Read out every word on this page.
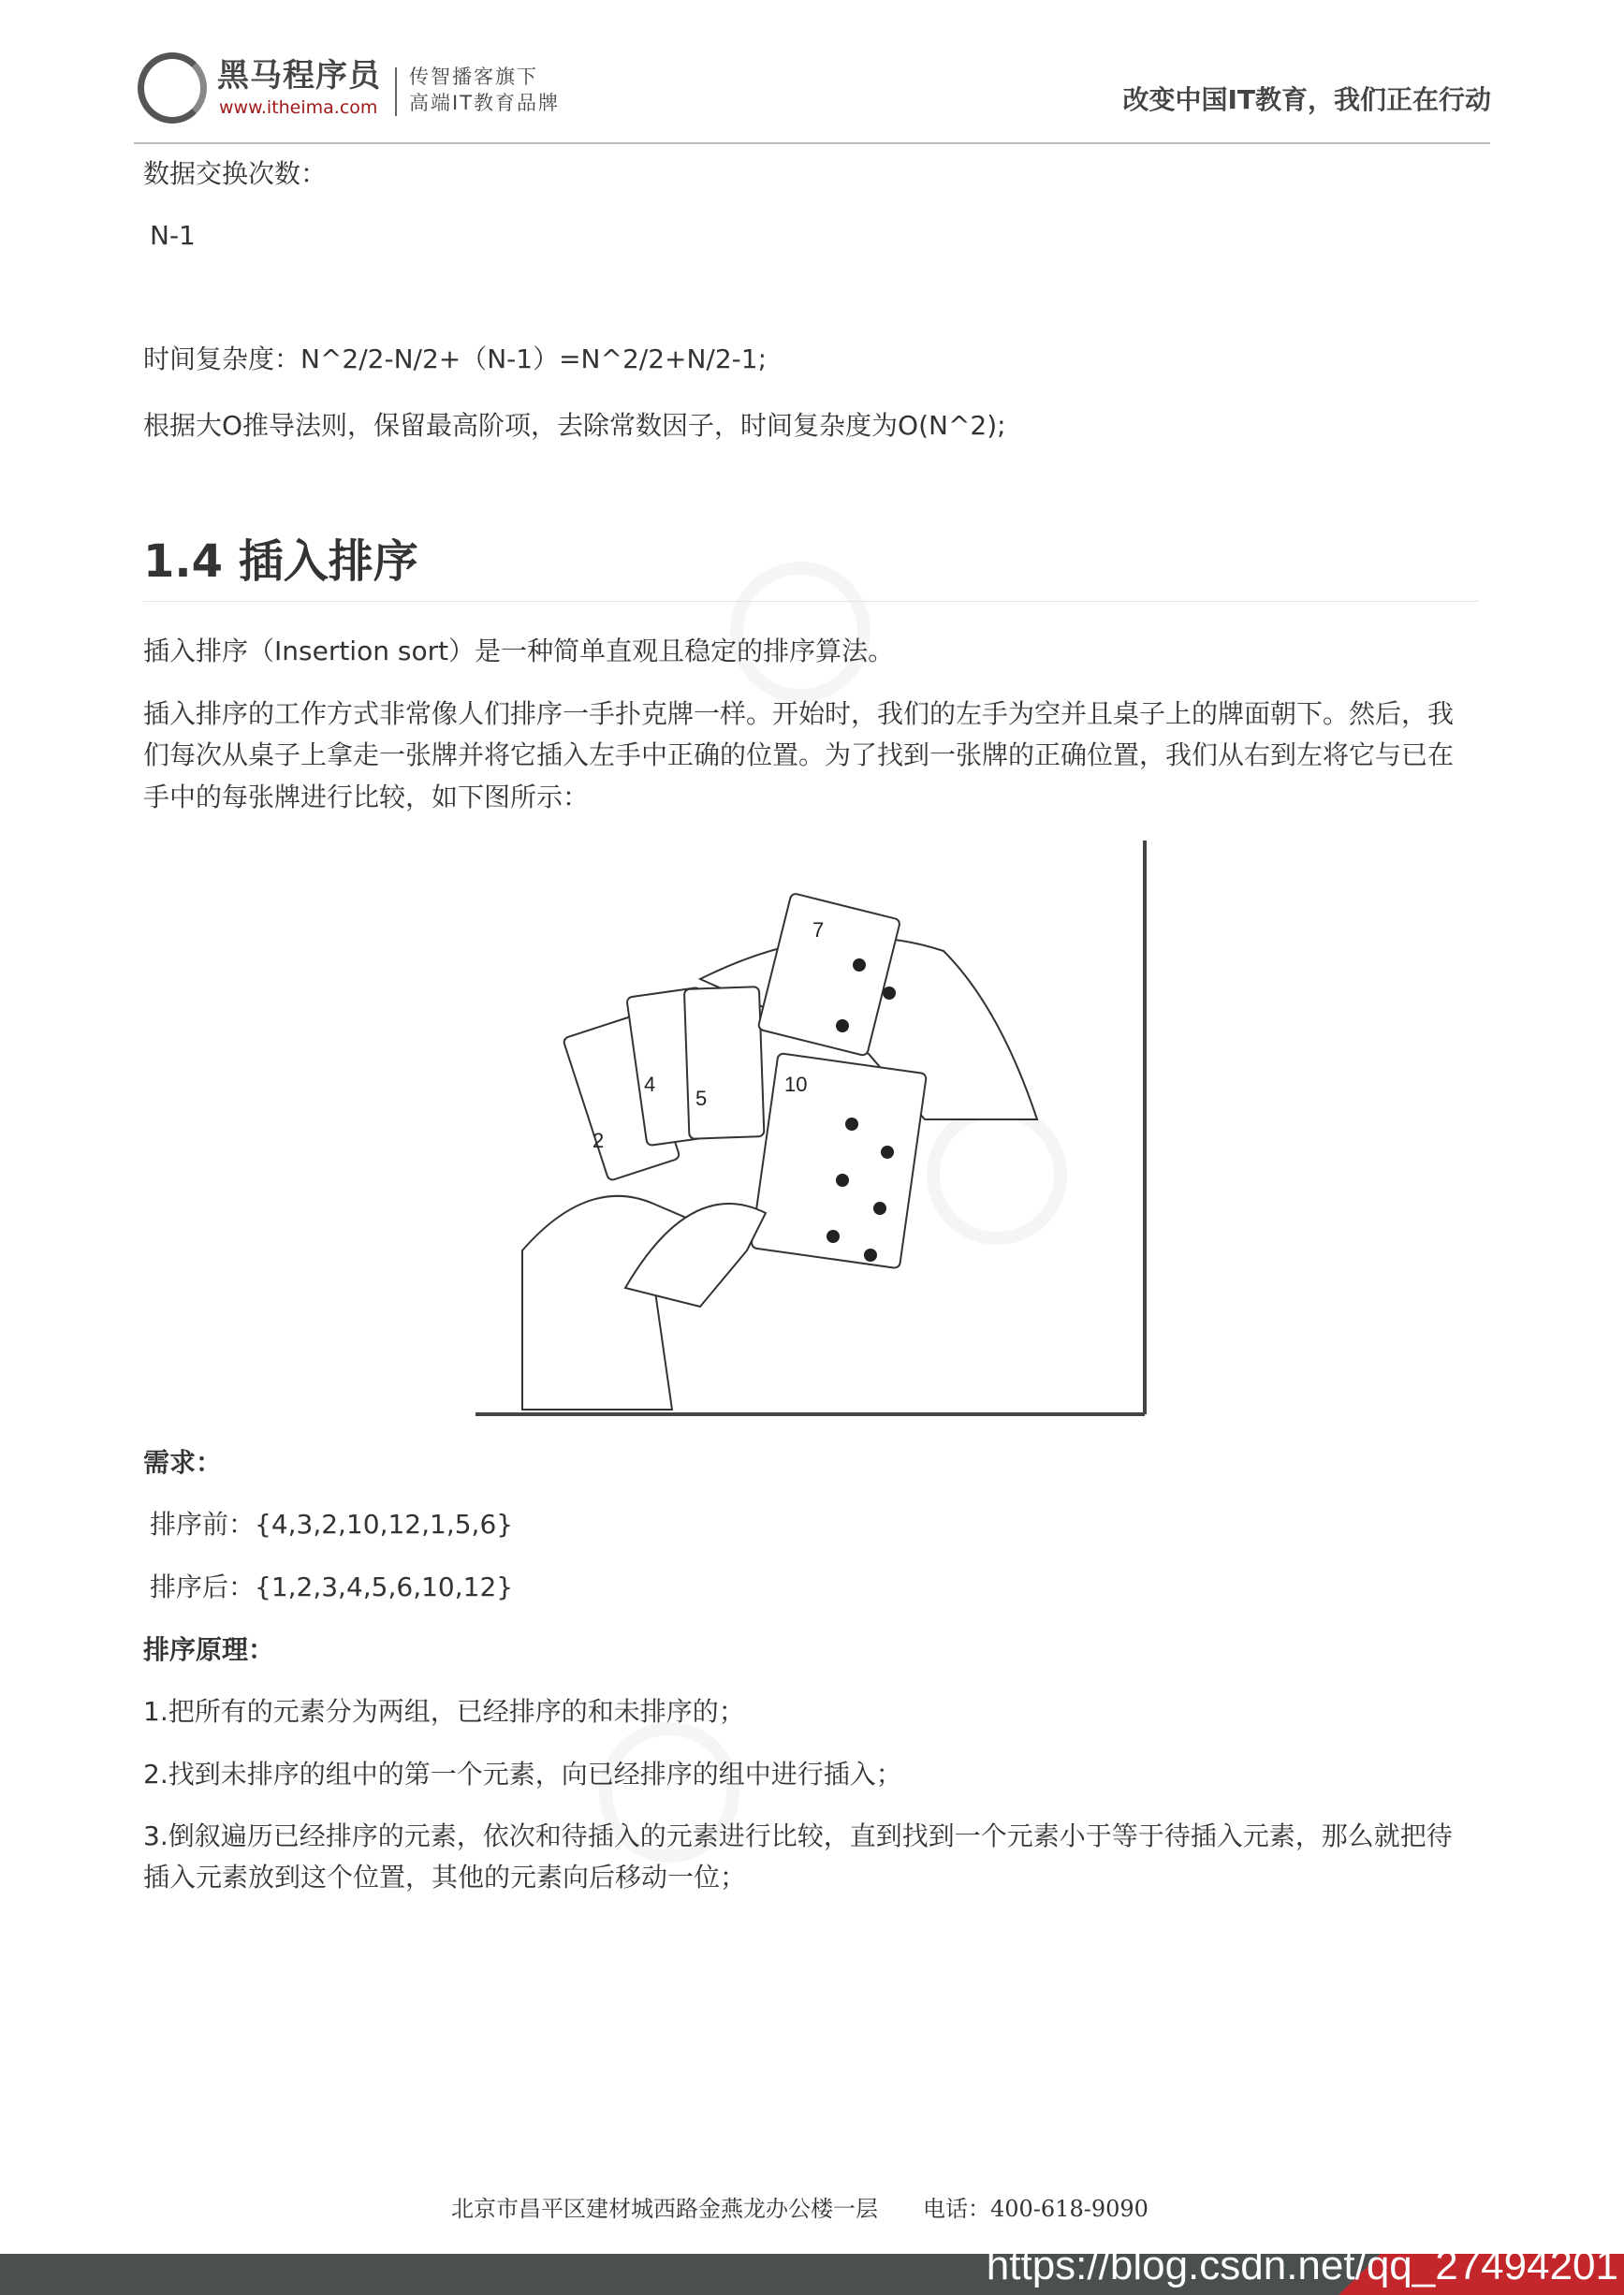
黑马程序员
www.itheima.com
传智播客旗下
高端IT教育品牌	改变中国IT教育，我们正在行动
数据交换次数：
N-1
时间复杂度：N^2/2-N/2+（N-1）=N^2/2+N/2-1;
根据大O推导法则，保留最高阶项，去除常数因子，时间复杂度为O(N^2);
1.4 插入排序
插入排序（Insertion sort）是一种简单直观且稳定的排序算法。
插入排序的工作方式非常像人们排序一手扑克牌一样。开始时，我们的左手为空并且桌子上的牌面朝下。然后，我
们每次从桌子上拿走一张牌并将它插入左手中正确的位置。为了找到一张牌的正确位置，我们从右到左将它与已在
手中的每张牌进行比较，如下图所示：
2
4
5
10
7
需求：
排序前：{4,3,2,10,12,1,5,6}
排序后：{1,2,3,4,5,6,10,12}
排序原理：
1.把所有的元素分为两组，已经排序的和未排序的；
2.找到未排序的组中的第一个元素，向已经排序的组中进行插入；
3.倒叙遍历已经排序的元素，依次和待插入的元素进行比较，直到找到一个元素小于等于待插入元素，那么就把待
插入元素放到这个位置，其他的元素向后移动一位；
北京市昌平区建材城西路金燕龙办公楼一层　　电话：400-618-9090
https://blog.csdn.net/qq_27494201
